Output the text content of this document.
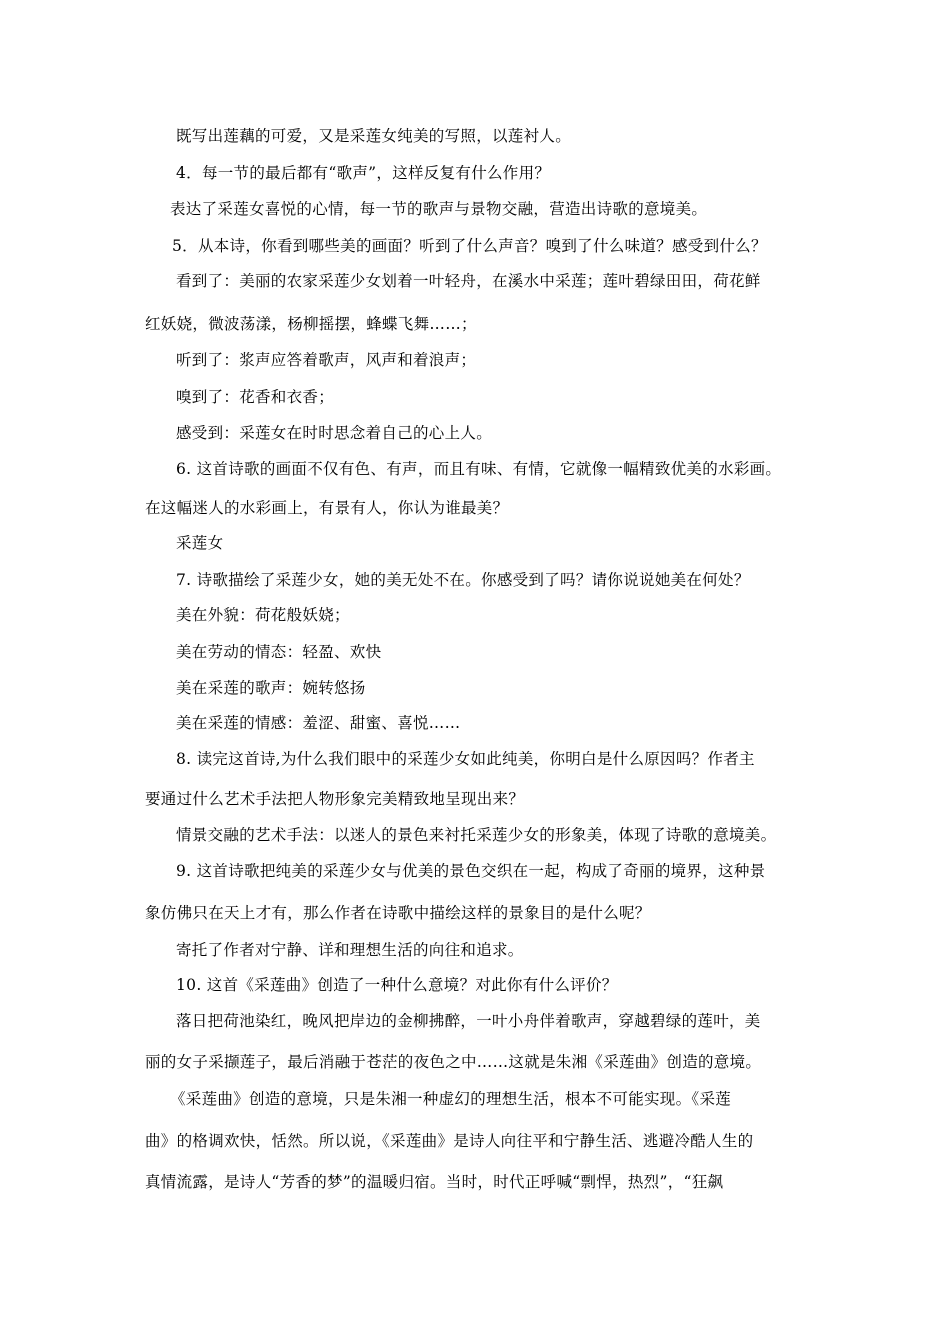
既写出莲藕的可爱，又是采莲女纯美的写照，以莲衬人。
4．每一节的最后都有“歌声”，这样反复有什么作用？
表达了采莲女喜悦的心情，每一节的歌声与景物交融，营造出诗歌的意境美。
5．从本诗，你看到哪些美的画面？听到了什么声音？嗅到了什么味道？感受到什么？
看到了：美丽的农家采莲少女划着一叶轻舟，在溪水中采莲；莲叶碧绿田田，荷花鲜
红妖娆，微波荡漾，杨柳摇摆，蜂蝶飞舞……；
听到了：浆声应答着歌声，风声和着浪声；
嗅到了：花香和衣香；
感受到：采莲女在时时思念着自己的心上人。
6. 这首诗歌的画面不仅有色、有声，而且有味、有情，它就像一幅精致优美的水彩画。
在这幅迷人的水彩画上，有景有人，你认为谁最美？
采莲女
7. 诗歌描绘了采莲少女，她的美无处不在。你感受到了吗？请你说说她美在何处？
美在外貌：荷花般妖娆；
美在劳动的情态：轻盈、欢快
美在采莲的歌声：婉转悠扬
美在采莲的情感：羞涩、甜蜜、喜悦……
8. 读完这首诗,为什么我们眼中的采莲少女如此纯美，你明白是什么原因吗？作者主
要通过什么艺术手法把人物形象完美精致地呈现出来？
情景交融的艺术手法：以迷人的景色来衬托采莲少女的形象美，体现了诗歌的意境美。
9. 这首诗歌把纯美的采莲少女与优美的景色交织在一起，构成了奇丽的境界，这种景
象仿佛只在天上才有，那么作者在诗歌中描绘这样的景象目的是什么呢？
寄托了作者对宁静、详和理想生活的向往和追求。
10. 这首《采莲曲》创造了一种什么意境？对此你有什么评价？
落日把荷池染红，晚风把岸边的金柳拂醉，一叶小舟伴着歌声，穿越碧绿的莲叶，美
丽的女子采撷莲子，最后消融于苍茫的夜色之中……这就是朱湘《采莲曲》创造的意境。
《采莲曲》创造的意境，只是朱湘一种虚幻的理想生活，根本不可能实现。《采莲
曲》的格调欢快，恬然。所以说，《采莲曲》是诗人向往平和宁静生活、逃避冷酷人生的
真情流露，是诗人“芳香的梦”的温暖归宿。当时，时代正呼喊“剽悍，热烈”，“狂飙
